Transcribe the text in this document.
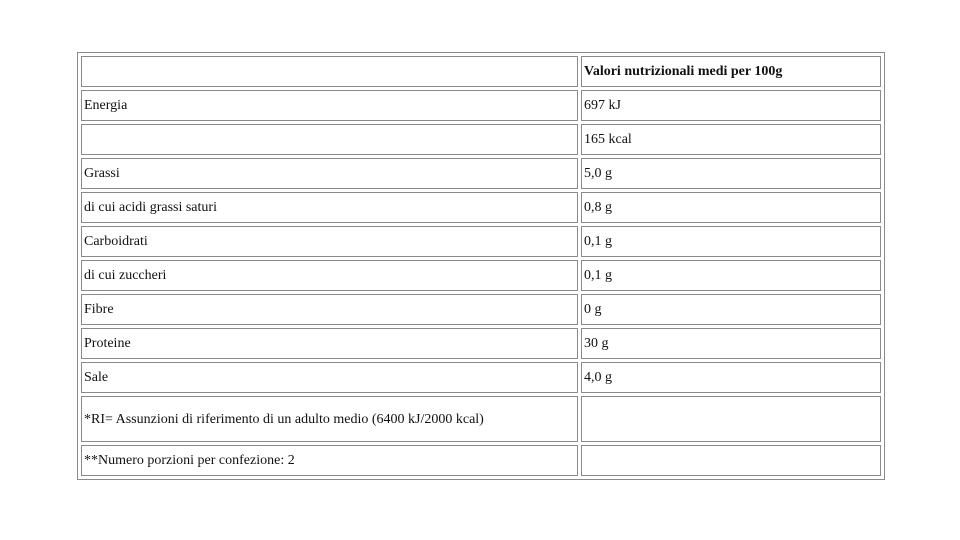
	Valori nutrizionali medi per 100g
Energia	697 kJ
	165 kcal
Grassi	5,0 g
di cui acidi grassi saturi	0,8 g
Carboidrati	0,1 g
di cui zuccheri	0,1 g
Fibre	0 g
Proteine	30 g
Sale	4,0 g
*RI= Assunzioni di riferimento di un adulto medio (6400 kJ/2000 kcal)	
**Numero porzioni per confezione: 2	
